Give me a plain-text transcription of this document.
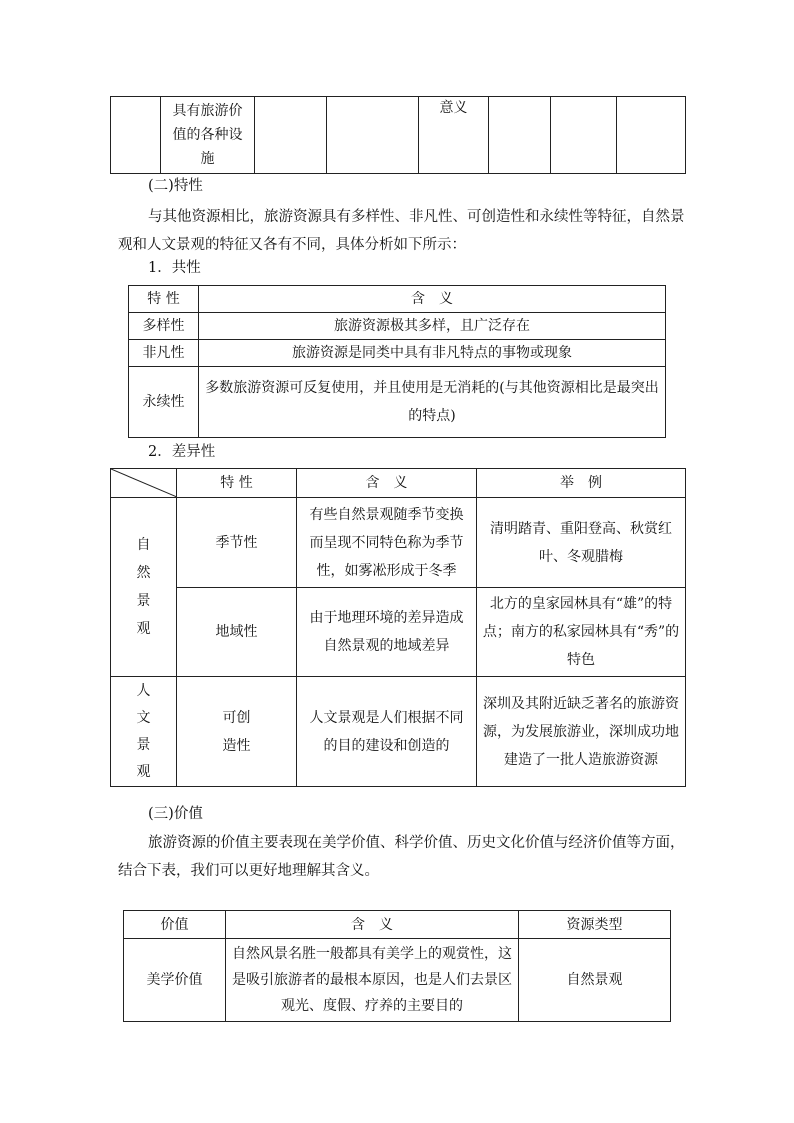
	具有旅游价值的各种设施			意义			
(二)特性

与其他资源相比，旅游资源具有多样性、非凡性、可创造性和永续性等特征，自然景观和人文景观的特征又各有不同，具体分析如下所示：

1．共性
特 性	含　义
多样性	旅游资源极其多样，且广泛存在
非凡性	旅游资源是同类中具有非凡特点的事物或现象
永续性	多数旅游资源可反复使用，并且使用是无消耗的(与其他资源相比是最突出的特点)
2．差异性
	特 性	含　义	举　例

自然景观	季节性	有些自然景观随季节变换而呈现不同特色称为季节性，如雾凇形成于冬季	清明踏青、重阳登高、秋赏红叶、冬观腊梅
	地域性	由于地理环境的差异造成自然景观的地域差异	北方的皇家园林具有“雄”的特点；南方的私家园林具有“秀”的特色

人文景观	可创造性	人文景观是人们根据不同的目的建设和创造的	深圳及其附近缺乏著名的旅游资源，为发展旅游业，深圳成功地建造了一批人造旅游资源
(三)价值

旅游资源的价值主要表现在美学价值、科学价值、历史文化价值与经济价值等方面，结合下表，我们可以更好地理解其含义。

价值	含　义	资源类型
美学价值	自然风景名胜一般都具有美学上的观赏性，这是吸引旅游者的最根本原因，也是人们去景区观光、度假、疗养的主要目的	自然景观
